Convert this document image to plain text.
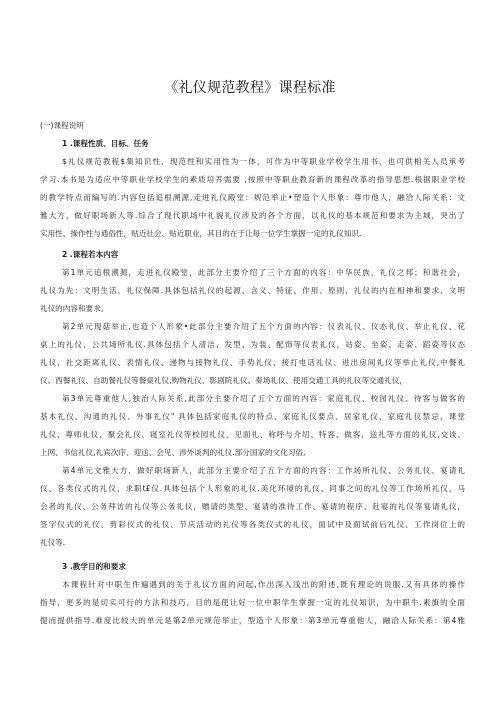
《礼仪规范教程》课程标准
(一)课程说明
1 .课程性质、目标、任务
$礼仪规范教程$集知识性、现范性和实用性为一体，可作为中等职业学校学生用书，也可供相关人员承考
学习.本书是为适应中等职业学校学生的素质培养需要 ,按照中等职业教育新的课程改革的指导思想.根据职业学校
的教学特点而编写的.内容包括追根溯源,走进礼仪殿堂：规范举止•塑造个人形象：尊巾他人，融洽人际关系：文
雅大方，做好职场新人等.综合了现代职场中礼貌礼仪涉及的各个方面，以礼仪的基本规范和要求为主城，突出了
实用性、操作性与通俗性，贴近社会、贴近职业，其目的在于让每一位学生掌握一定的礼仪知识.
2 .课程若本内容
第1单元追根溯源，走进礼仪殿堂，此部分主要介绍了三个方面的内容：中华民族，礼仪之邦；和谐社会，
礼仪为先：文明生活，礼仪保障.具体包括礼仪的起源、含义、特征、作用、原则，礼仪的内在相神和要求、文明
礼仪的内容和要求。
第2单元现菇举止,也造个人形象•此部分主要介绍了五个方面的内容：仪表礼仪、仪态礼仪、举止礼仪、花
桌上的礼仪、公共场所礼仪.具体包括个人清洁、发型、为装、配饰等仪表礼仪，站姿、坐姿、走姿、蹈姿等仪态
礼仪，社交距离礼仪、表情礼仪、递物与接物礼仪、手势礼仪、接打电话礼仪、进出房间礼仪等举止礼仪,中餐礼
仪、西餐礼仪、自助餐礼仪等餐桌礼仪,购物礼仪、影剧院礼仪、奏场礼仪、使用交通工具的礼仪等交通礼仪，
第3单元尊重他人,独治人际关系,此部分主要介绍了五个方面的内容：家庭礼仪、校园礼仪、待客与做客的
基本礼仪、沟通的礼仪、外事礼仪" 具体包括家庭礼仪的特点、家庭礼仪要点、居家礼仪、家庭礼仪禁忌，课堂
礼仪、尊师礼仪、聚会礼仪、寝室礼仪等校园礼仪，见面礼、称呼与介绍、特客、做客、送礼等方面的礼仪,交谈、
上网、书信礼仪,礼宾次序、迎送、会见、涉外谈判的礼仪.部分国家的文化习俗,
第4单元文雅大方，做好职场新人，此部分主要介绍了五个方面的内容：工作场所礼仪、公务礼仪、宴请礼
仪、各类仪式的礼仪、求职t£仪.具体包括个人形象的礼仪.美化环境的礼仪、同事之间的礼仪等工作场所礼仪，马
会者的礼仪、公务拜访的礼仪等公务礼仪，赠请的类型、宴请的准待工作、宴请的程序、赴宴的礼仪等宴请礼仪，
签字仪式的礼仪、剪彩仪式的礼仪、节庆活动的礼仪等各类仪式的礼仪，面试中及面试前后礼仪、工作岗位上的
礼仪等.
3 .教学目的和要求
本课程针对中职生件遍遇到的关于礼仪方面的问起,作出深入浅出的附述,既有理论的说服.又有具体的操作
指导，更多的是切实可行的方法和技巧，目的是使让好一位中职学生掌握一定的礼仪知识，为中职牛.素旗的全面
提而提供指导.难度比较大的单元是第2单元规范举止，型造个人形象：第3单元尊重他人，融洽人际关系：第4雅
